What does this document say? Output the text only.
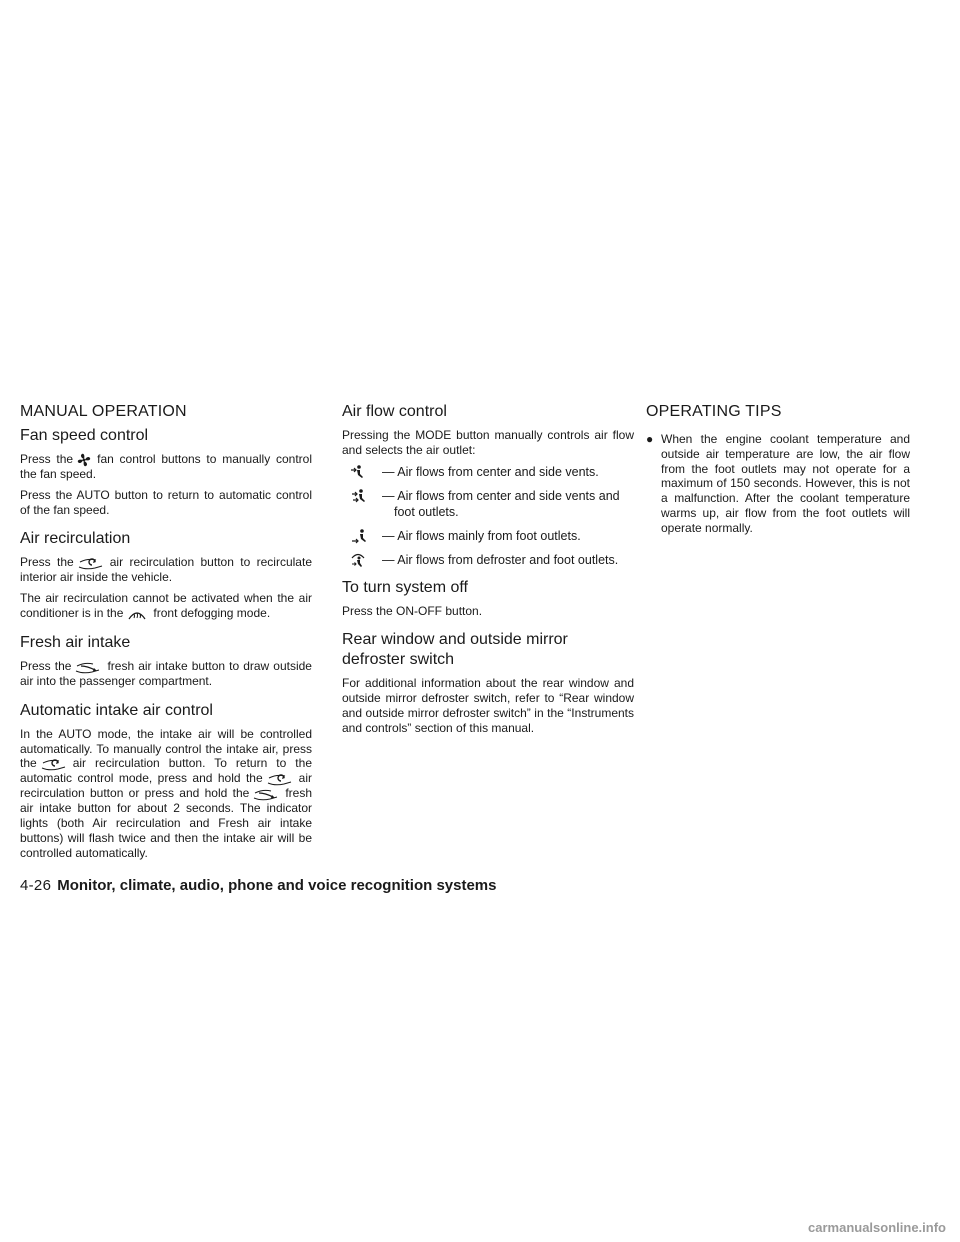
MANUAL OPERATION
Fan speed control

Press the fan control buttons to manually control the fan speed.

Press the AUTO button to return to automatic control of the fan speed.

Air recirculation

Press the	air recirculation button to recirculate interior air inside the vehicle.

The air recirculation cannot be activated when the air conditioner is in the	front defogging mode.

Fresh air intake

Press the	fresh air intake button to draw outside air into the passenger compartment.

Automatic intake air control

In the AUTO mode, the intake air will be controlled automatically. To manually control the intake air, press the	air recirculation button. To return to the automatic control mode, press and hold the	air recirculation button or press and hold the	fresh air intake button for about 2 seconds. The indicator lights (both Air recirculation and Fresh air intake buttons) will flash twice and then the intake air will be controlled automatically.

Air flow control

Pressing the MODE button manually controls air flow and selects the air outlet:

— Air flows from center and side vents.
— Air flows from center and side vents and foot outlets.
— Air flows mainly from foot outlets.
— Air flows from defroster and foot outlets.
To turn system off

Press the ON-OFF button.

Rear window and outside mirror defroster switch

For additional information about the rear window and outside mirror defroster switch, refer to “Rear window and outside mirror defroster switch” in the “Instruments and controls” section of this manual.

OPERATING TIPS
● When the engine coolant temperature and outside air temperature are low, the air flow from the foot outlets may not operate for a maximum of 150 seconds. However, this is not a malfunction. After the coolant temperature warms up, air flow from the foot outlets will operate normally.
4-26 Monitor, climate, audio, phone and voice recognition systems
carmanualsonline.info
